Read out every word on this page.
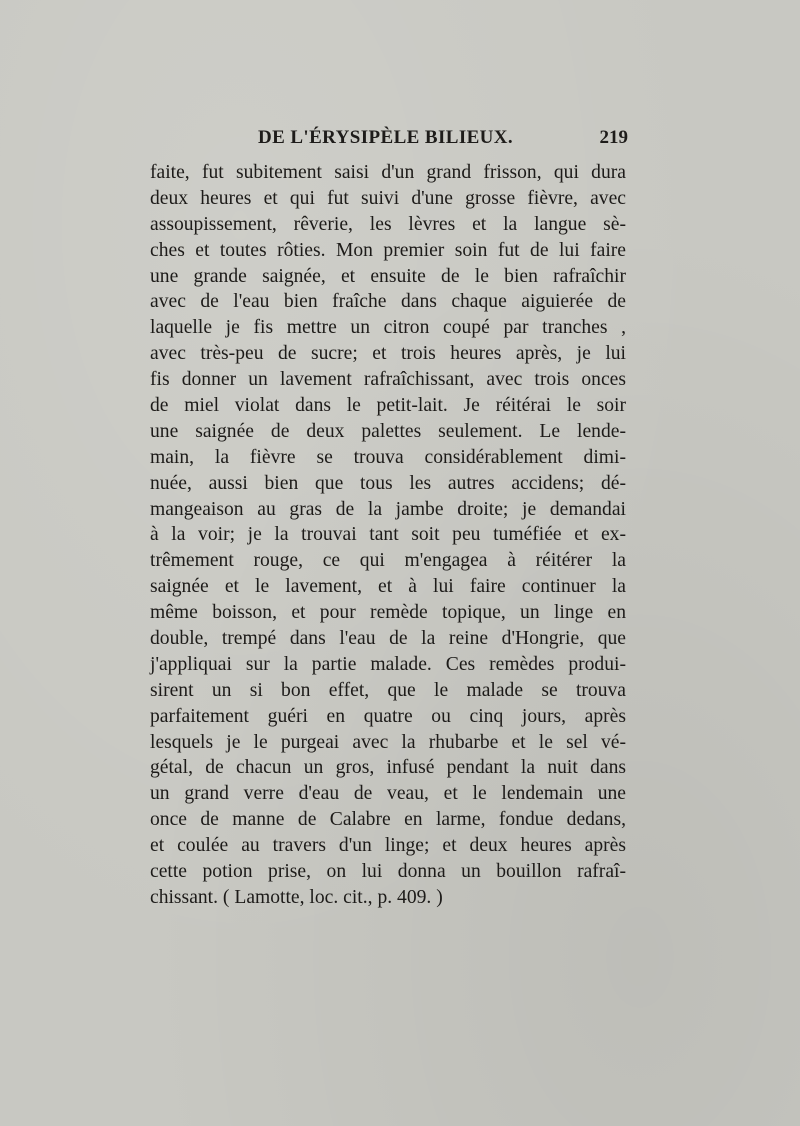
DE L'ÉRYSIPÈLE BILIEUX.	219
faite, fut subitement saisi d'un grand frisson, qui dura
deux heures et qui fut suivi d'une grosse fièvre, avec
assoupissement, rêverie, les lèvres et la langue sè-
ches et toutes rôties. Mon premier soin fut de lui faire
une grande saignée, et ensuite de le bien rafraîchir
avec de l'eau bien fraîche dans chaque aiguierée de
laquelle je fis mettre un citron coupé par tranches ,
avec très-peu de sucre; et trois heures après, je lui
fis donner un lavement rafraîchissant, avec trois onces
de miel violat dans le petit-lait. Je réitérai le soir
une saignée de deux palettes seulement. Le lende-
main, la fièvre se trouva considérablement dimi-
nuée, aussi bien que tous les autres accidens; dé-
mangeaison au gras de la jambe droite; je demandai
à la voir; je la trouvai tant soit peu tuméfiée et ex-
trêmement rouge, ce qui m'engagea à réitérer la
saignée et le lavement, et à lui faire continuer la
même boisson, et pour remède topique, un linge en
double, trempé dans l'eau de la reine d'Hongrie, que
j'appliquai sur la partie malade. Ces remèdes produi-
sirent un si bon effet, que le malade se trouva
parfaitement guéri en quatre ou cinq jours, après
lesquels je le purgeai avec la rhubarbe et le sel vé-
gétal, de chacun un gros, infusé pendant la nuit dans
un grand verre d'eau de veau, et le lendemain une
once de manne de Calabre en larme, fondue dedans,
et coulée au travers d'un linge; et deux heures après
cette potion prise, on lui donna un bouillon rafraî-
chissant. ( Lamotte, loc. cit., p. 409. )
